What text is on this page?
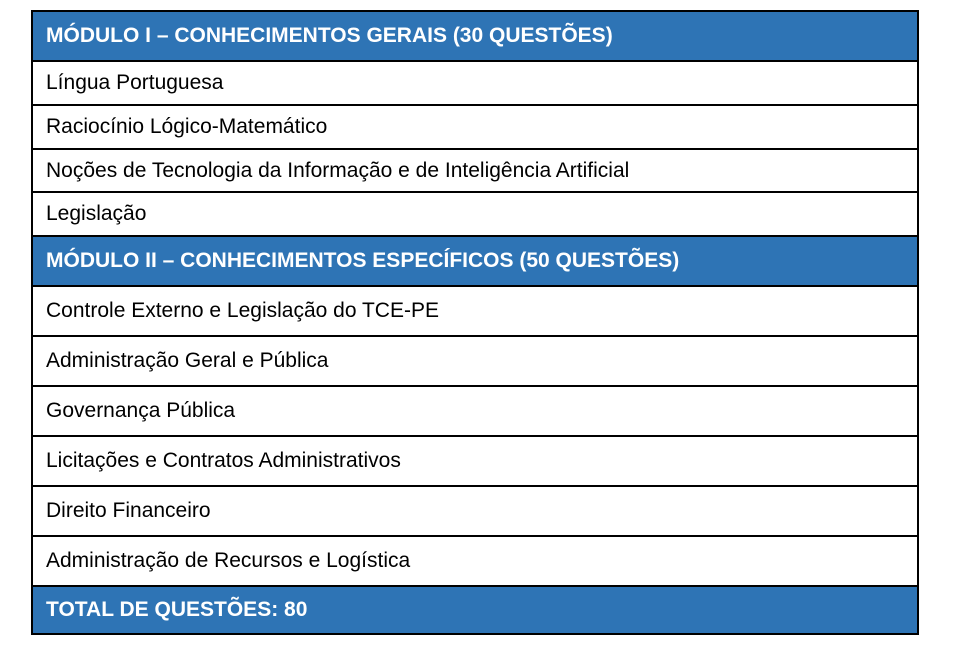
MÓDULO I – CONHECIMENTOS GERAIS (30 QUESTÕES)
Língua Portuguesa
Raciocínio Lógico-Matemático
Noções de Tecnologia da Informação e de Inteligência Artificial
Legislação
MÓDULO II – CONHECIMENTOS ESPECÍFICOS (50 QUESTÕES)
Controle Externo e Legislação do TCE-PE
Administração Geral e Pública
Governança Pública
Licitações e Contratos Administrativos
Direito Financeiro
Administração de Recursos e Logística
TOTAL DE QUESTÕES: 80
